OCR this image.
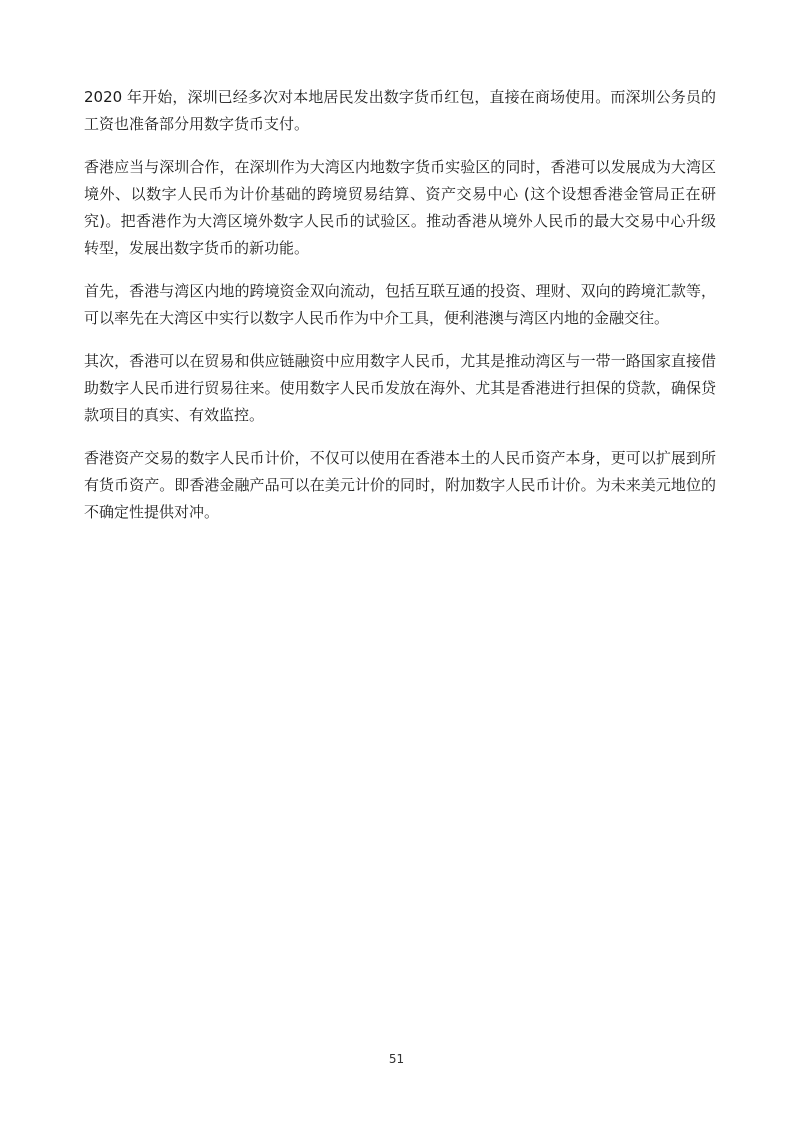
2020 年开始，深圳已经多次对本地居民发出数字货币红包，直接在商场使用。而深圳公务员的工资也准备部分用数字货币支付。

香港应当与深圳合作，在深圳作为大湾区内地数字货币实验区的同时，香港可以发展成为大湾区境外、以数字人民币为计价基础的跨境贸易结算、资产交易中心 (这个设想香港金管局正在研究)。把香港作为大湾区境外数字人民币的试验区。推动香港从境外人民币的最大交易中心升级转型，发展出数字货币的新功能。

首先，香港与湾区内地的跨境资金双向流动，包括互联互通的投资、理财、双向的跨境汇款等，可以率先在大湾区中实行以数字人民币作为中介工具，便利港澳与湾区内地的金融交往。

其次，香港可以在贸易和供应链融资中应用数字人民币，尤其是推动湾区与一带一路国家直接借助数字人民币进行贸易往来。使用数字人民币发放在海外、尤其是香港进行担保的贷款，确保贷款项目的真实、有效监控。

香港资产交易的数字人民币计价，不仅可以使用在香港本土的人民币资产本身，更可以扩展到所有货币资产。即香港金融产品可以在美元计价的同时，附加数字人民币计价。为未来美元地位的不确定性提供对冲。

51
